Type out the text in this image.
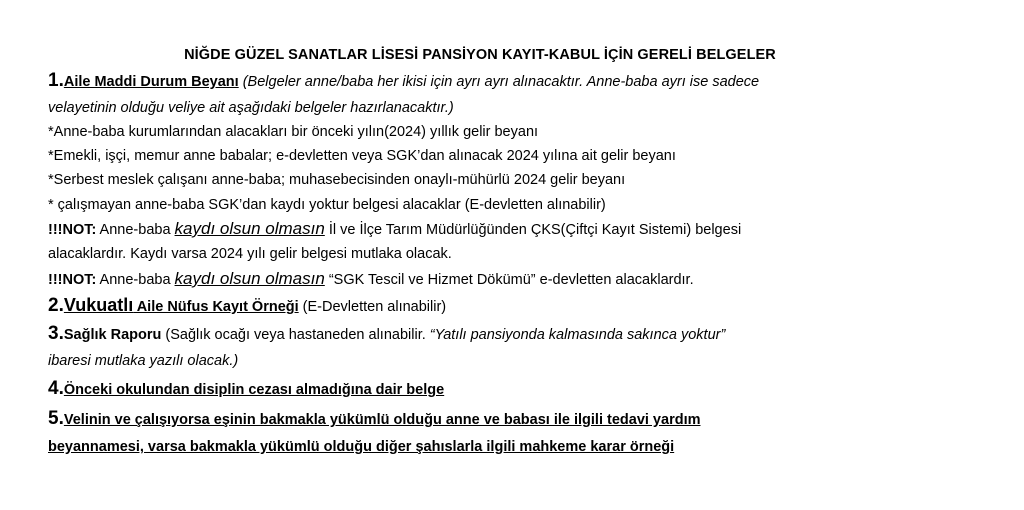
NİĞDE GÜZEL SANATLAR LİSESİ PANSİYON KAYIT-KABUL İÇİN GERELİ BELGELER
1.Aile Maddi Durum Beyanı (Belgeler anne/baba her ikisi için ayrı ayrı alınacaktır. Anne-baba ayrı ise sadece
velayetinin olduğu veliye ait aşağıdaki belgeler hazırlanacaktır.)
*Anne-baba kurumlarından alacakları bir önceki yılın(2024) yıllık gelir beyanı
*Emekli, işçi, memur anne babalar; e-devletten veya SGK’dan alınacak 2024 yılına ait gelir beyanı
*Serbest meslek çalışanı anne-baba; muhasebecisinden onaylı-mühürlü 2024 gelir beyanı
* çalışmayan anne-baba SGK’dan kaydı yoktur belgesi alacaklar (E-devletten alınabilir)
!!!NOT: Anne-baba kaydı olsun olmasın İl ve İlçe Tarım Müdürlüğünden ÇKS(Çiftçi Kayıt Sistemi) belgesi
alacaklardır. Kaydı varsa 2024 yılı gelir belgesi mutlaka olacak.
!!!NOT: Anne-baba kaydı olsun olmasın “SGK Tescil ve Hizmet Dökümü” e-devletten alacaklardır.
2.Vukuatlı Aile Nüfus Kayıt Örneği (E-Devletten alınabilir)
3.Sağlık Raporu (Sağlık ocağı veya hastaneden alınabilir. “Yatılı pansiyonda kalmasında sakınca yoktur”
ibaresi mutlaka yazılı olacak.)
4.Önceki okulundan disiplin cezası almadığına dair belge
5.Velinin ve çalışıyorsa eşinin bakmakla yükümlü olduğu anne ve babası ile ilgili tedavi yardım
beyannamesi, varsa bakmakla yükümlü olduğu diğer şahıslarla ilgili mahkeme karar örneği
